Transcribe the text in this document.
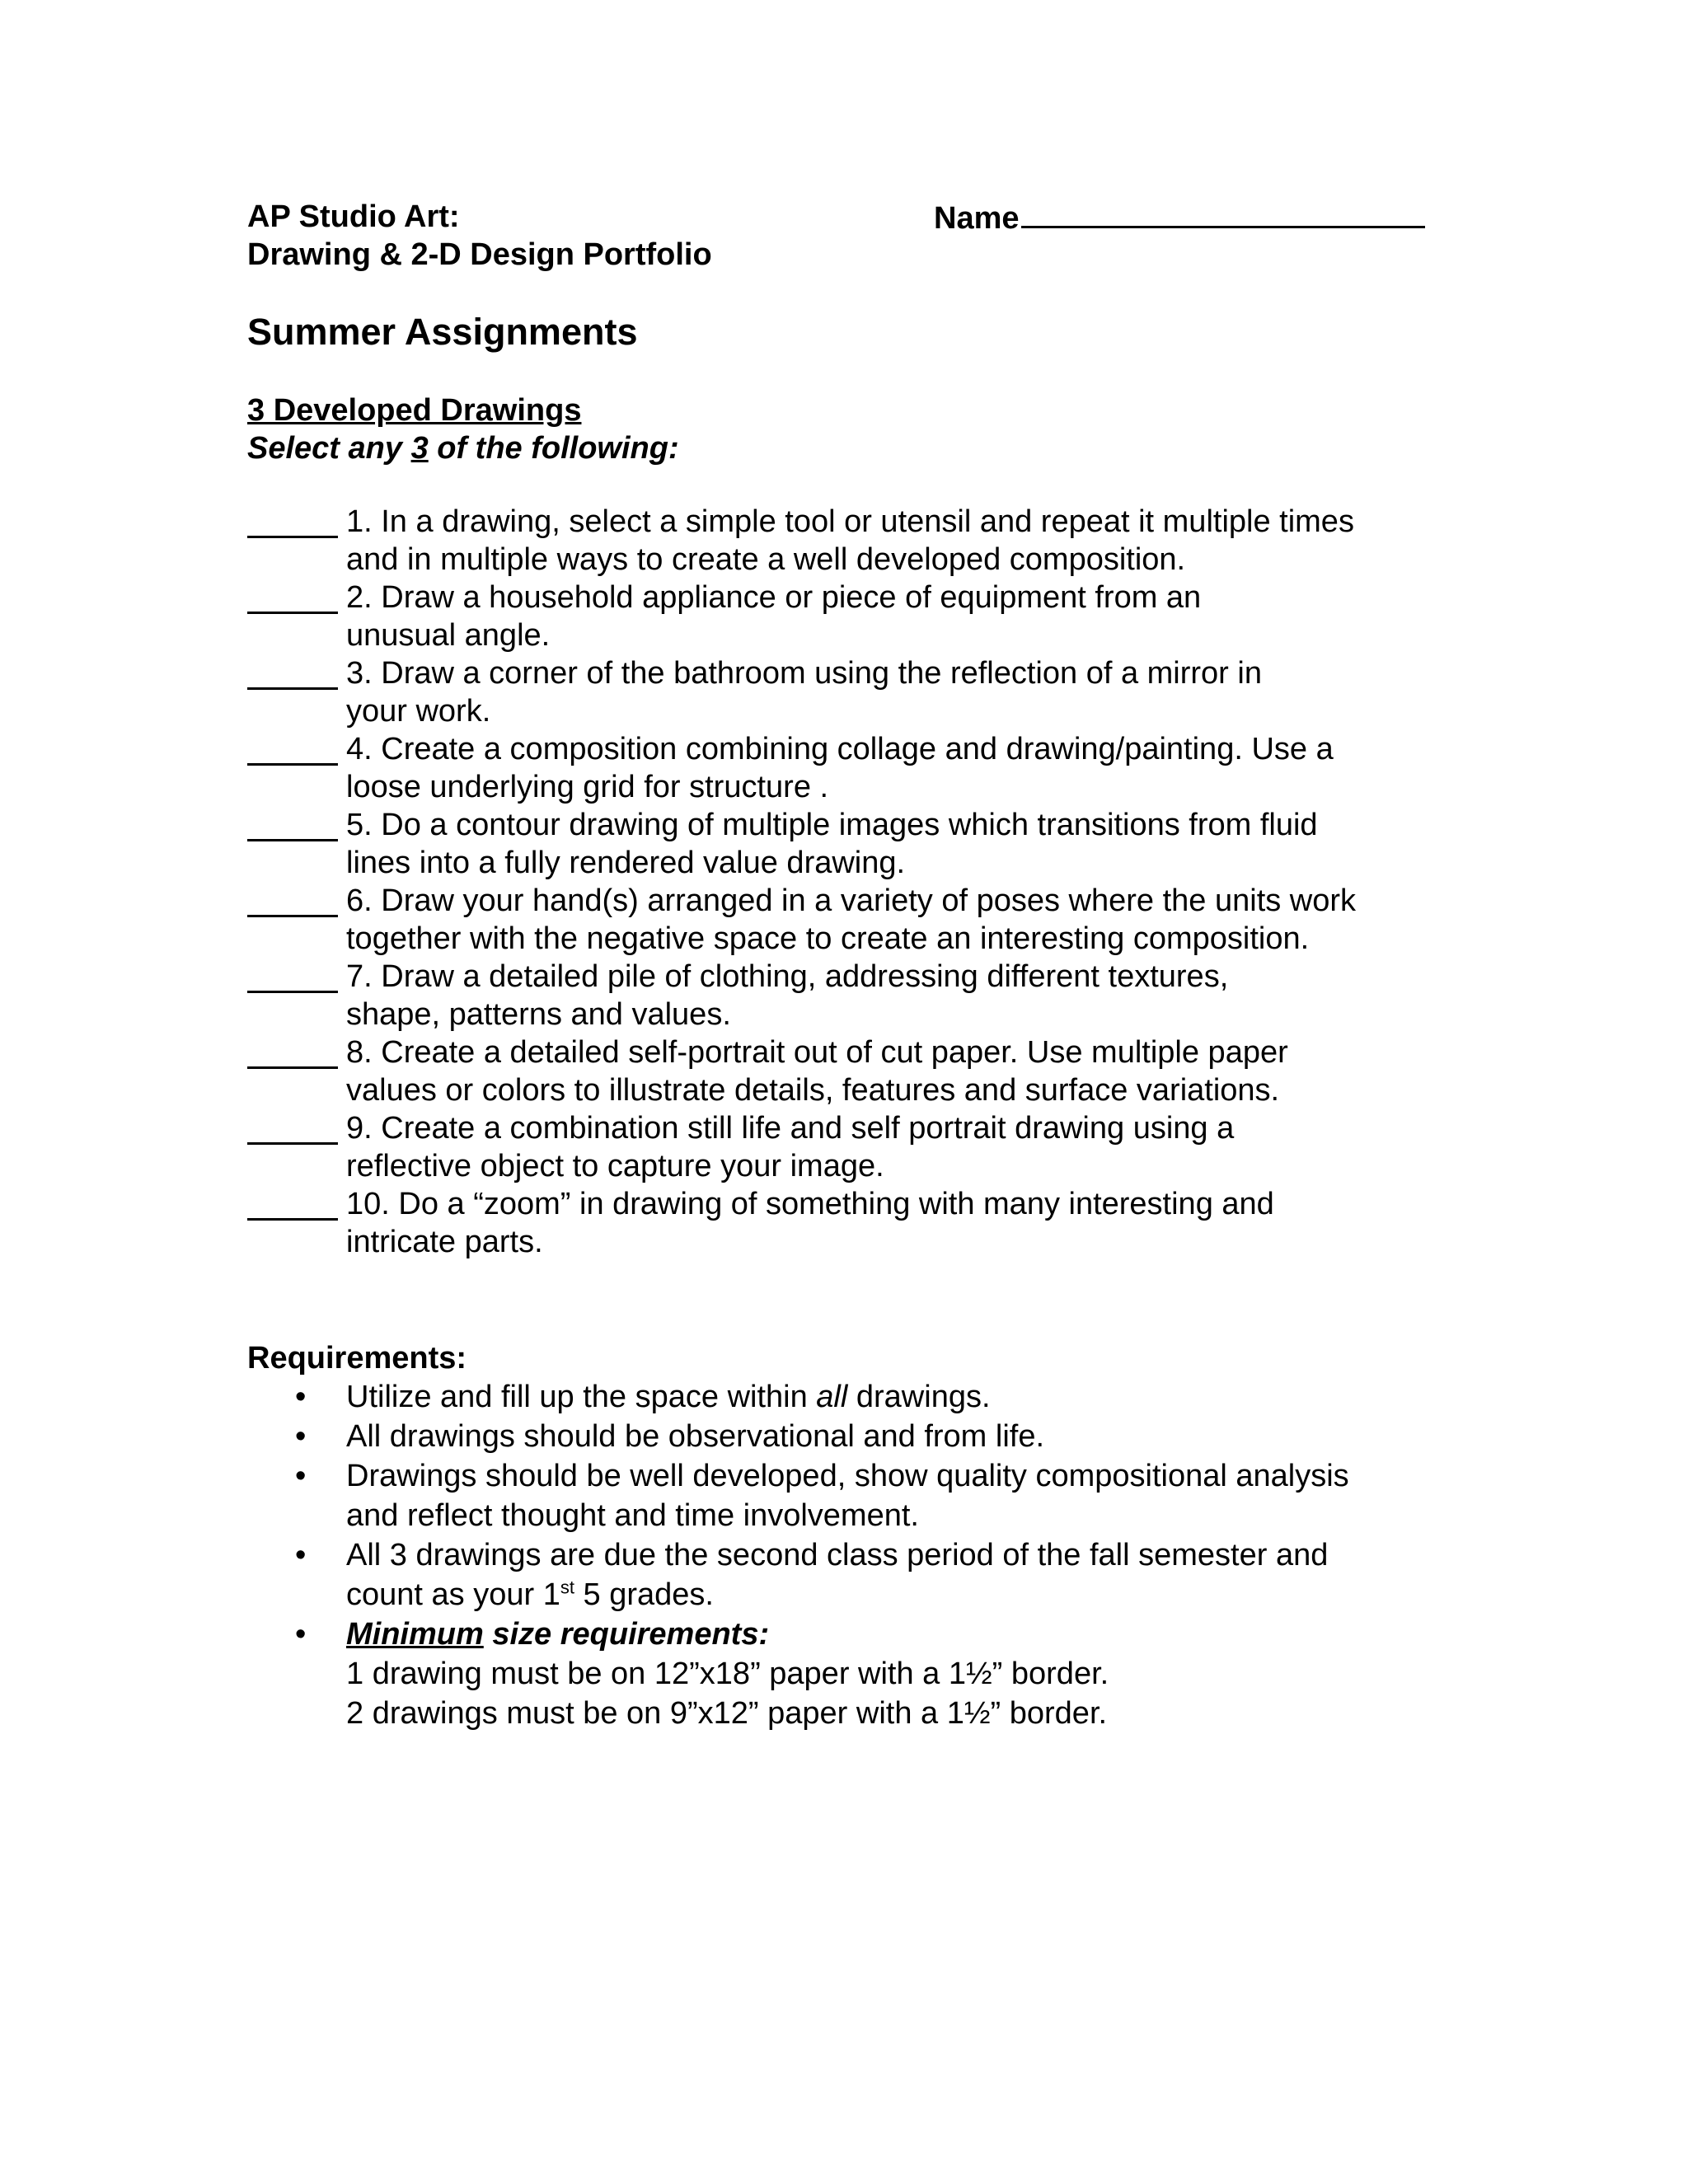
AP Studio Art:
Drawing & 2-D Design Portfolio
Name
Summer Assignments
3 Developed Drawings
Select any 3 of the following:
1. In a drawing, select a simple tool or utensil and repeat it multiple times
and in multiple ways to create a well developed composition.
2. Draw a household appliance or piece of equipment from an
unusual angle.
3. Draw a corner of the bathroom using the reflection of a mirror in
your work.
4. Create a composition combining collage and drawing/painting. Use a
loose underlying grid for structure .
5. Do a contour drawing of multiple images which transitions from fluid
lines into a fully rendered value drawing.
6. Draw your hand(s) arranged in a variety of poses where the units work
together with the negative space to create an interesting composition.
7. Draw a detailed pile of clothing, addressing different textures,
shape, patterns and values.
8. Create a detailed self-portrait out of cut paper. Use multiple paper
values or colors to illustrate details, features and surface variations.
9. Create a combination still life and self portrait drawing using a
reflective object to capture your image.
10. Do a “zoom” in drawing of something with many interesting and
intricate parts.
Requirements:
• Utilize and fill up the space within all drawings.
• All drawings should be observational and from life.
• Drawings should be well developed, show quality compositional analysis
and reflect thought and time involvement.
• All 3 drawings are due the second class period of the fall semester and
count as your 1st 5 grades.
• Minimum size requirements:
1 drawing must be on 12”x18” paper with a 1½” border.
2 drawings must be on 9”x12” paper with a 1½” border.
